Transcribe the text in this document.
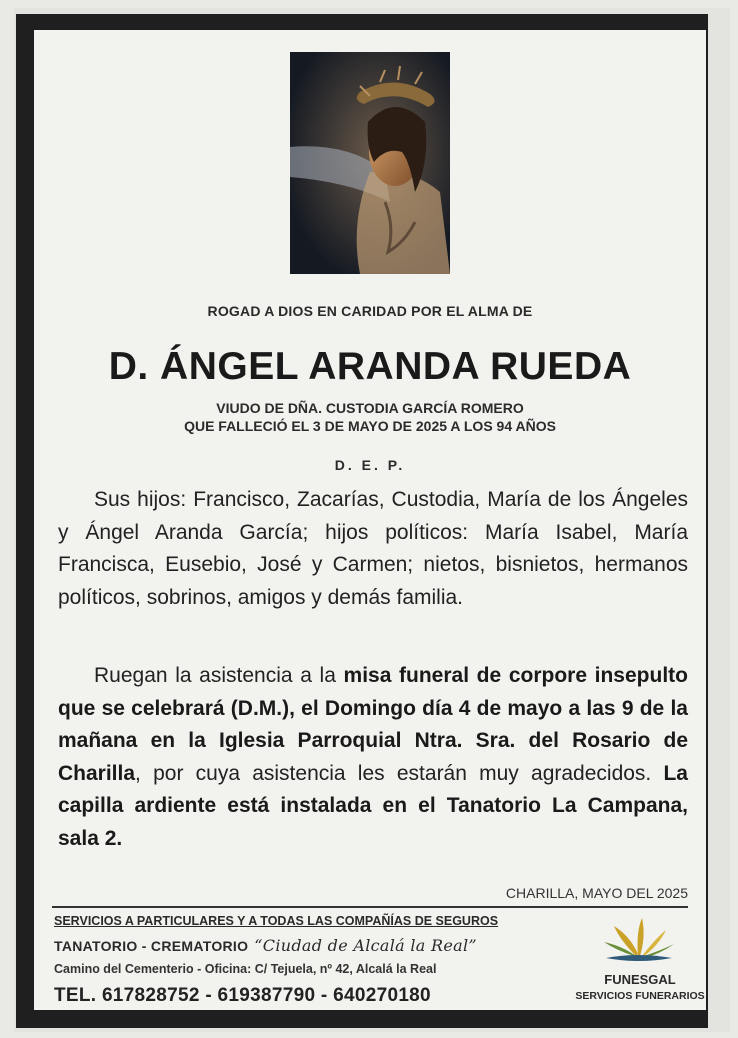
ROGAD A DIOS EN CARIDAD POR EL ALMA DE
D. ÁNGEL ARANDA RUEDA
VIUDO DE DÑA. CUSTODIA GARCÍA ROMERO
QUE FALLECIÓ EL 3 DE MAYO DE 2025 A LOS 94 AÑOS
D. E. P.
Sus hijos: Francisco, Zacarías, Custodia, María de los Ángeles y Ángel Aranda García; hijos políticos: María Isabel, María Francisca, Eusebio, José y Carmen; nietos, bisnietos, hermanos políticos, sobrinos, amigos y demás familia.
Ruegan la asistencia a la misa funeral de corpore insepulto que se celebrará (D.M.), el Domingo día 4 de mayo a las 9 de la mañana en la Iglesia Parroquial Ntra. Sra. del Rosario de Charilla, por cuya asistencia les estarán muy agradecidos. La capilla ardiente está instalada en el Tanatorio La Campana, sala 2.
CHARILLA, MAYO DEL 2025
SERVICIOS A PARTICULARES Y A TODAS LAS COMPAÑÍAS DE SEGUROS
TANATORIO - CREMATORIO “Ciudad de Alcalá la Real”
Camino del Cementerio - Oficina: C/ Tejuela, nº 42, Alcalá la Real
TEL. 617828752 - 619387790 - 640270180
FUNESGAL
SERVICIOS FUNERARIOS
